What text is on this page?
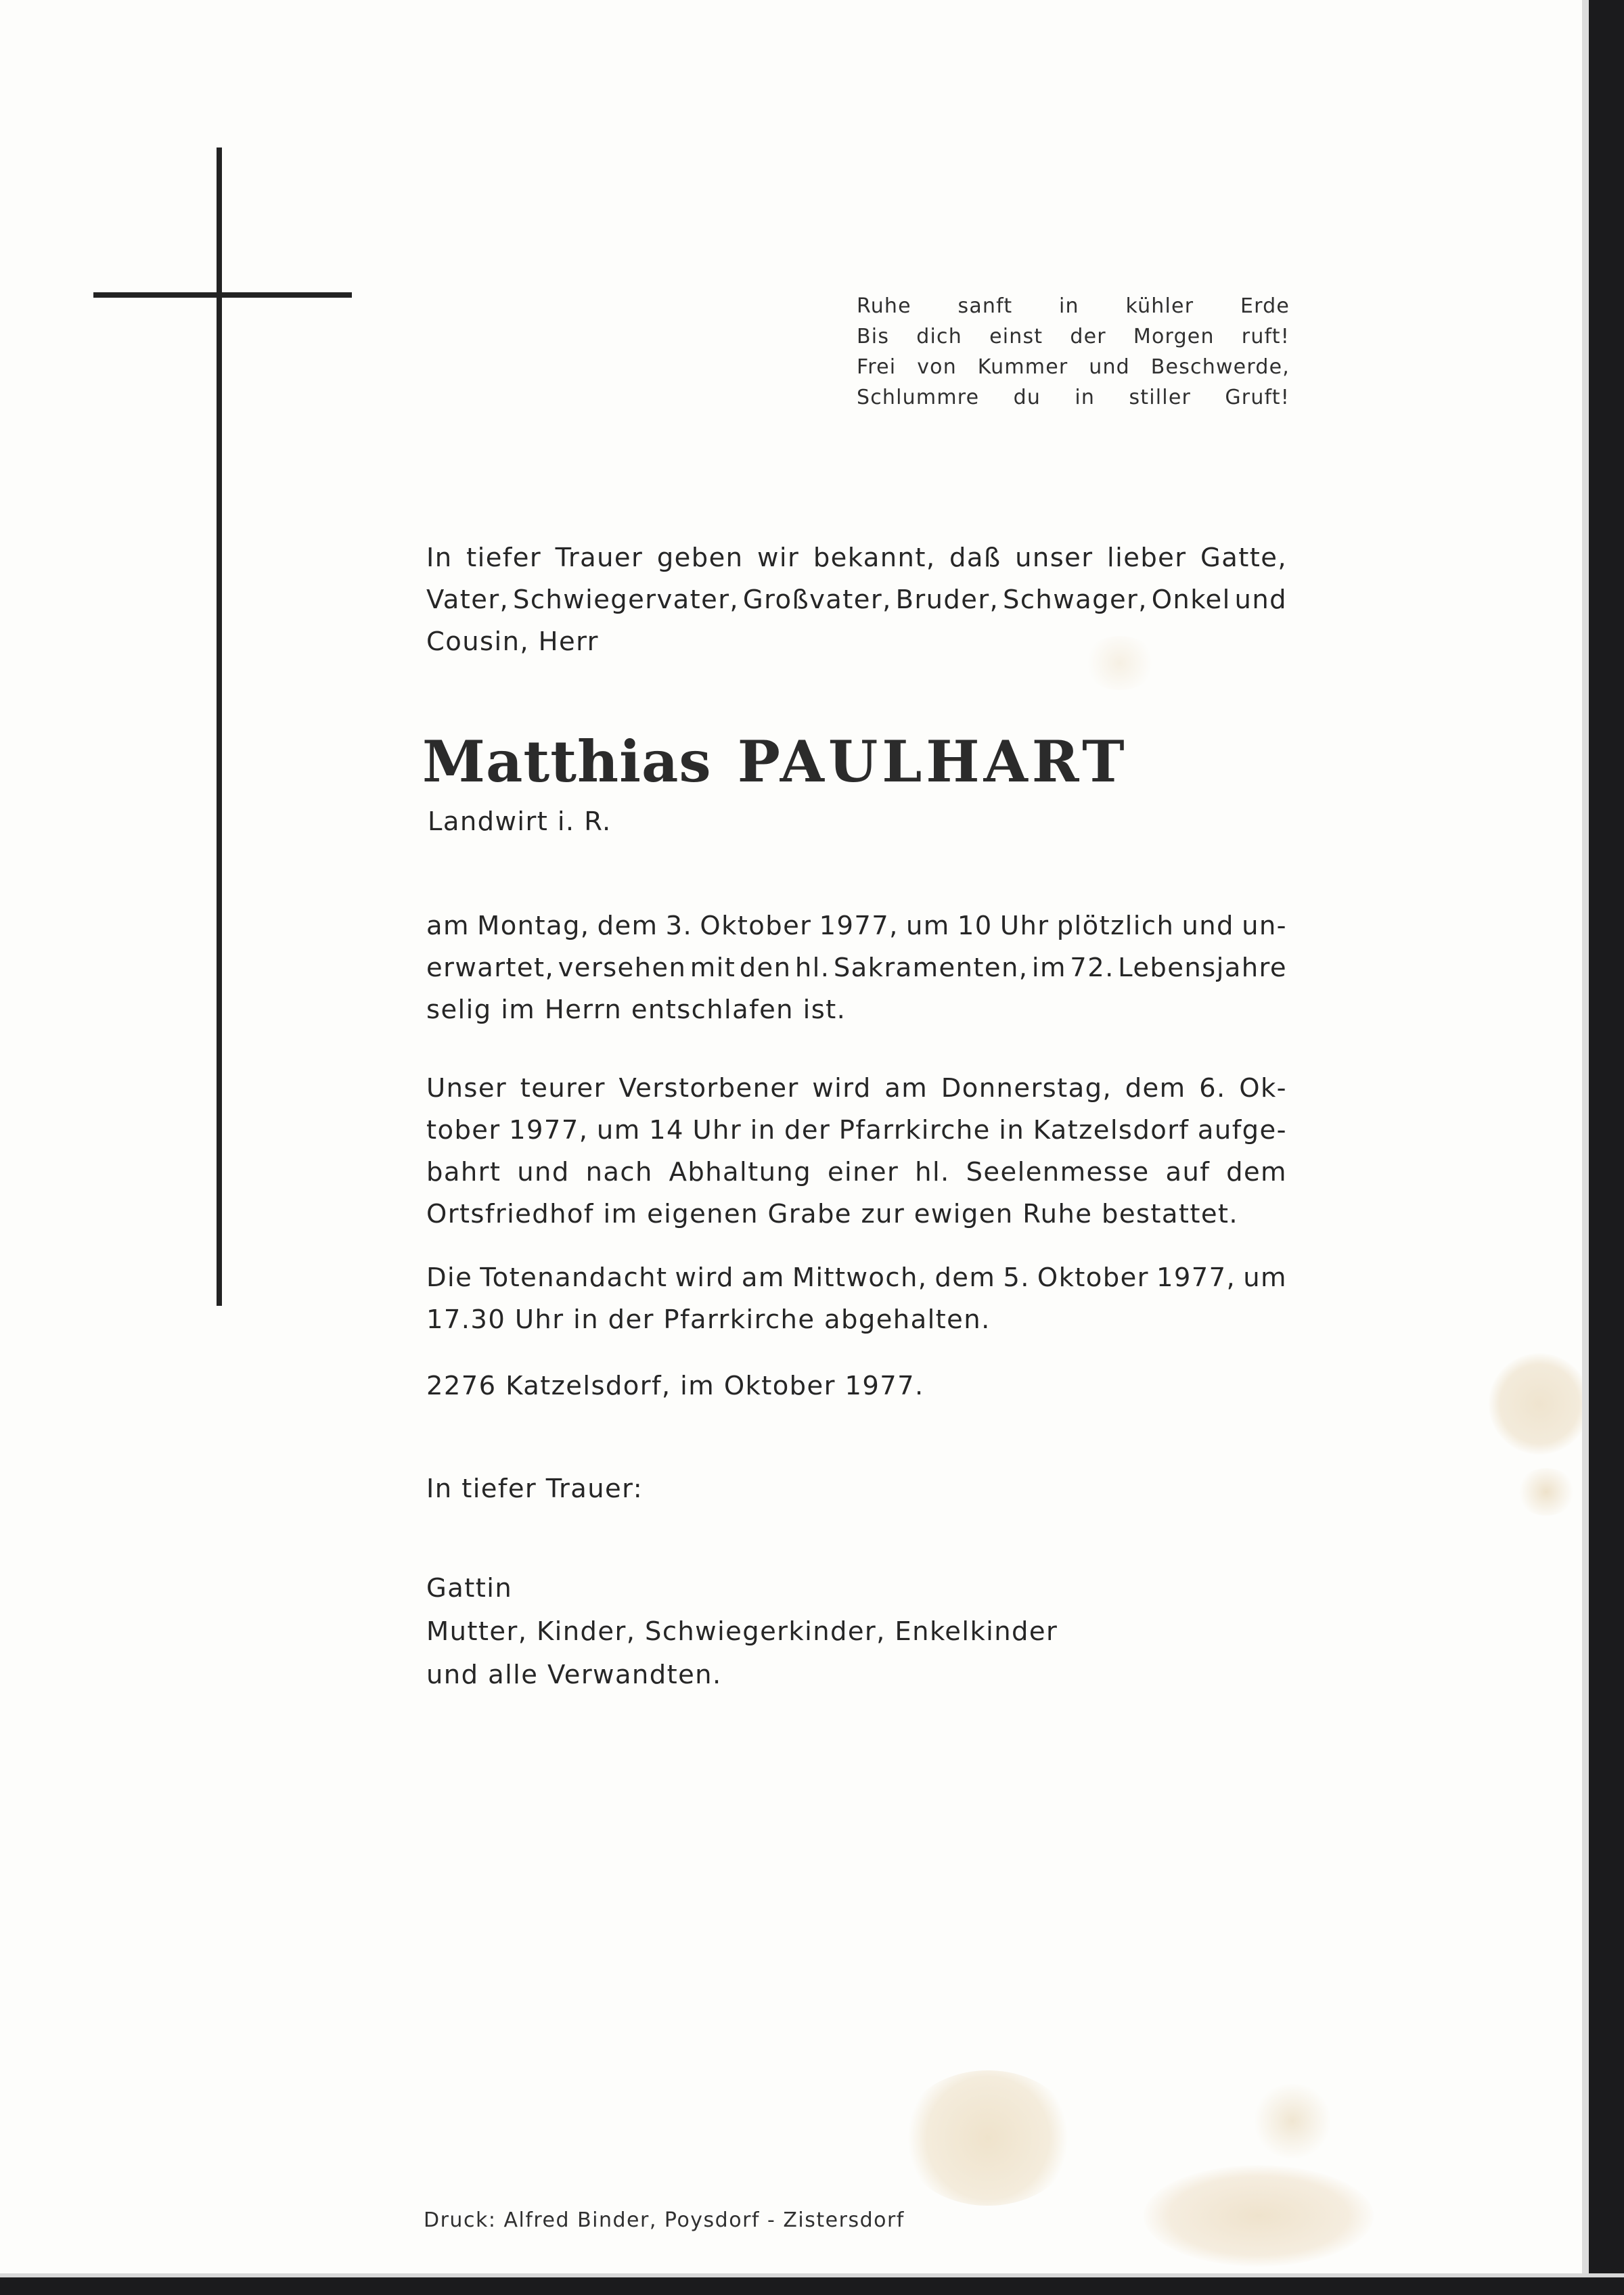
Ruhe sanft in kühler Erde
Bis dich einst der Morgen ruft!
Frei von Kummer und Beschwerde,
Schlummre du in stiller Gruft!
In tiefer Trauer geben wir bekannt, daß unser lieber Gatte,
Vater, Schwiegervater, Großvater, Bruder, Schwager, Onkel und
Cousin, Herr
Matthias PAULHART
Landwirt i. R.
am Montag, dem 3. Oktober 1977, um 10 Uhr plötzlich und un-
erwartet, versehen mit den hl. Sakramenten, im 72. Lebensjahre
selig im Herrn entschlafen ist.
Unser teurer Verstorbener wird am Donnerstag, dem 6. Ok-
tober 1977, um 14 Uhr in der Pfarrkirche in Katzelsdorf aufge-
bahrt und nach Abhaltung einer hl. Seelenmesse auf dem
Ortsfriedhof im eigenen Grabe zur ewigen Ruhe bestattet.
Die Totenandacht wird am Mittwoch, dem 5. Oktober 1977, um
17.30 Uhr in der Pfarrkirche abgehalten.
2276 Katzelsdorf, im Oktober 1977.
In tiefer Trauer:
Gattin
Mutter, Kinder, Schwiegerkinder, Enkelkinder
und alle Verwandten.
Druck: Alfred Binder, Poysdorf - Zistersdorf
